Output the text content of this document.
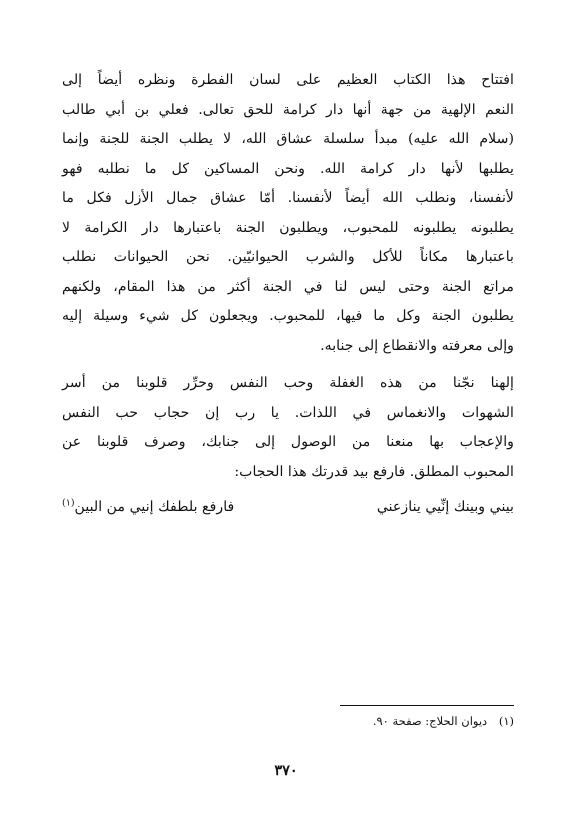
افتتاح هذا الكتاب العظيم على لسان الفطرة ونظره أيضاً إلى
النعم الإلهية من جهة أنها دار كرامة للحق تعالى. فعلي بن أبي طالب
(سلام الله عليه) مبدأ سلسلة عشاق الله، لا يطلب الجنة للجنة وإنما
يطلبها لأنها دار كرامة الله. ونحن المساكين كل ما نطلبه فهو
لأنفسنا، ونطلب الله أيضاً لأنفسنا. أمّا عشاق جمال الأزل فكل ما
يطلبونه يطلبونه للمحبوب، ويطلبون الجنة باعتبارها دار الكرامة لا
باعتبارها مكاناً للأكل والشرب الحيوانيّين. نحن الحيوانات نطلب
مراتع الجنة وحتى ليس لنا في الجنة أكثر من هذا المقام، ولكنهم
يطلبون الجنة وكل ما فيها، للمحبوب. ويجعلون كل شيء وسيلة إليه
وإلى معرفته والانقطاع إلى جنابه.

إلهنا نجّنا من هذه الغفلة وحب النفس وحرِّر قلوبنا من أسر
الشهوات والانغماس في اللذات. يا رب إن حجاب حب النفس
والإعجاب بها منعنا من الوصول إلى جنابك، وصرف قلوبنا عن
المحبوب المطلق. فارفع بيد قدرتك هذا الحجاب:

بيني وبينك إنِّيي ينازعني
فارفع بلطفك إنيي من البين$^{(١)}$
(١) ديوان الحلاج: صفحة ٩٠.
٣٧٠
